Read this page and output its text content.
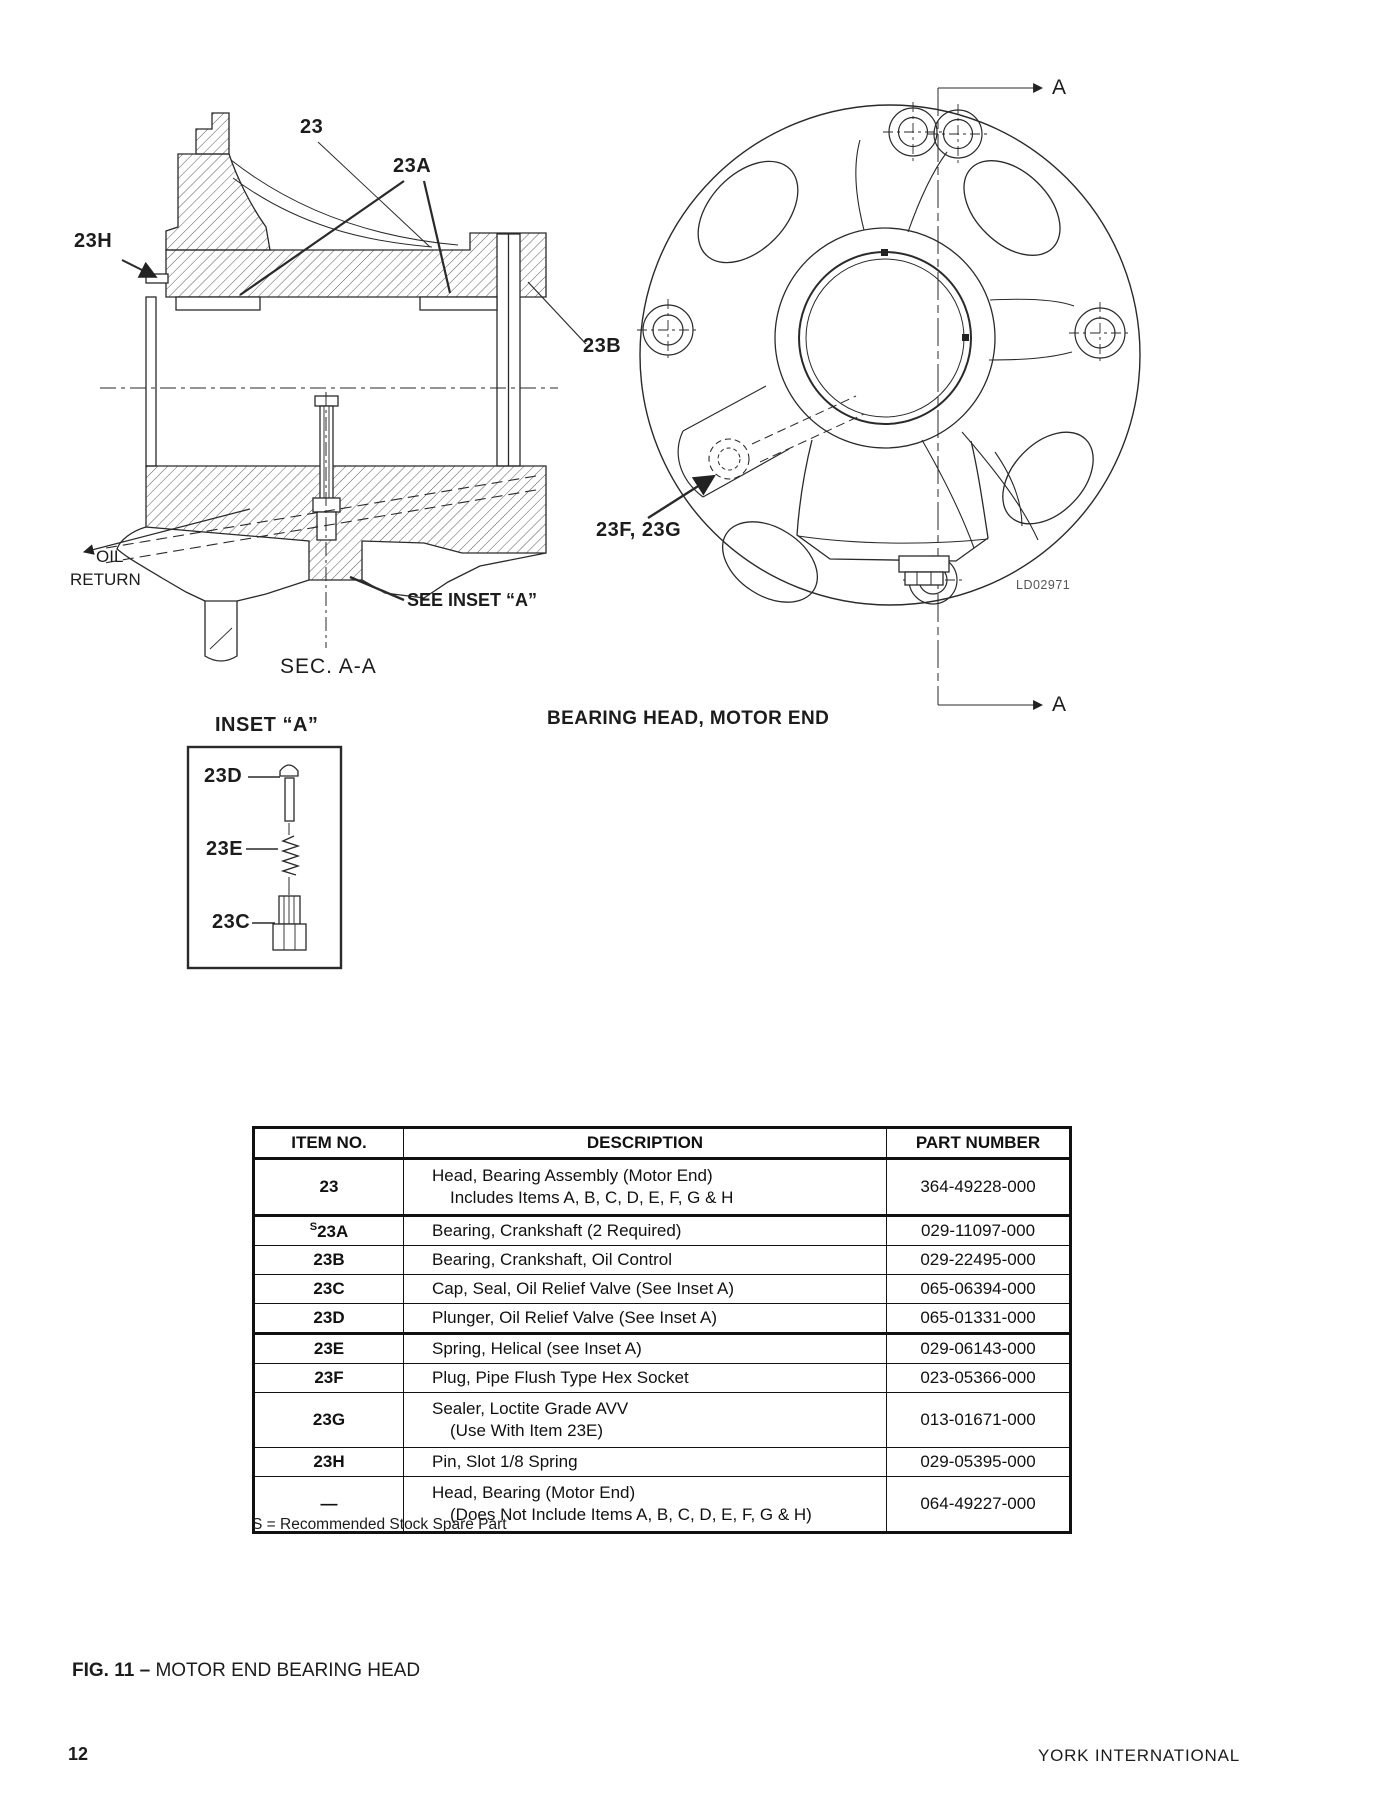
23
23A
23H
23B
OIL
RETURN
SEE INSET “A”
SEC. A-A
INSET “A”
23D
23E
23C
23F, 23G
A
A
LD02971
BEARING HEAD, MOTOR END
ITEM NO.	DESCRIPTION	PART NUMBER
23	Head, Bearing Assembly (Motor End)
Includes Items A, B, C, D, E, F, G & H	364-49228-000
$^S$23A	Bearing, Crankshaft (2 Required)	029-11097-000
23B	Bearing, Crankshaft, Oil Control	029-22495-000
23C	Cap, Seal, Oil Relief Valve (See Inset A)	065-06394-000
23D	Plunger, Oil Relief Valve (See Inset A)	065-01331-000
23E	Spring, Helical (see Inset A)	029-06143-000
23F	Plug, Pipe Flush Type Hex Socket	023-05366-000
23G	Sealer, Loctite Grade AVV
(Use With Item 23E)	013-01671-000
23H	Pin, Slot 1/8 Spring	029-05395-000
—	Head, Bearing (Motor End)
(Does Not Include Items A, B, C, D, E, F, G & H)	064-49227-000
S = Recommended Stock Spare Part
FIG. 11 – MOTOR END BEARING HEAD
12	YORK INTERNATIONAL
